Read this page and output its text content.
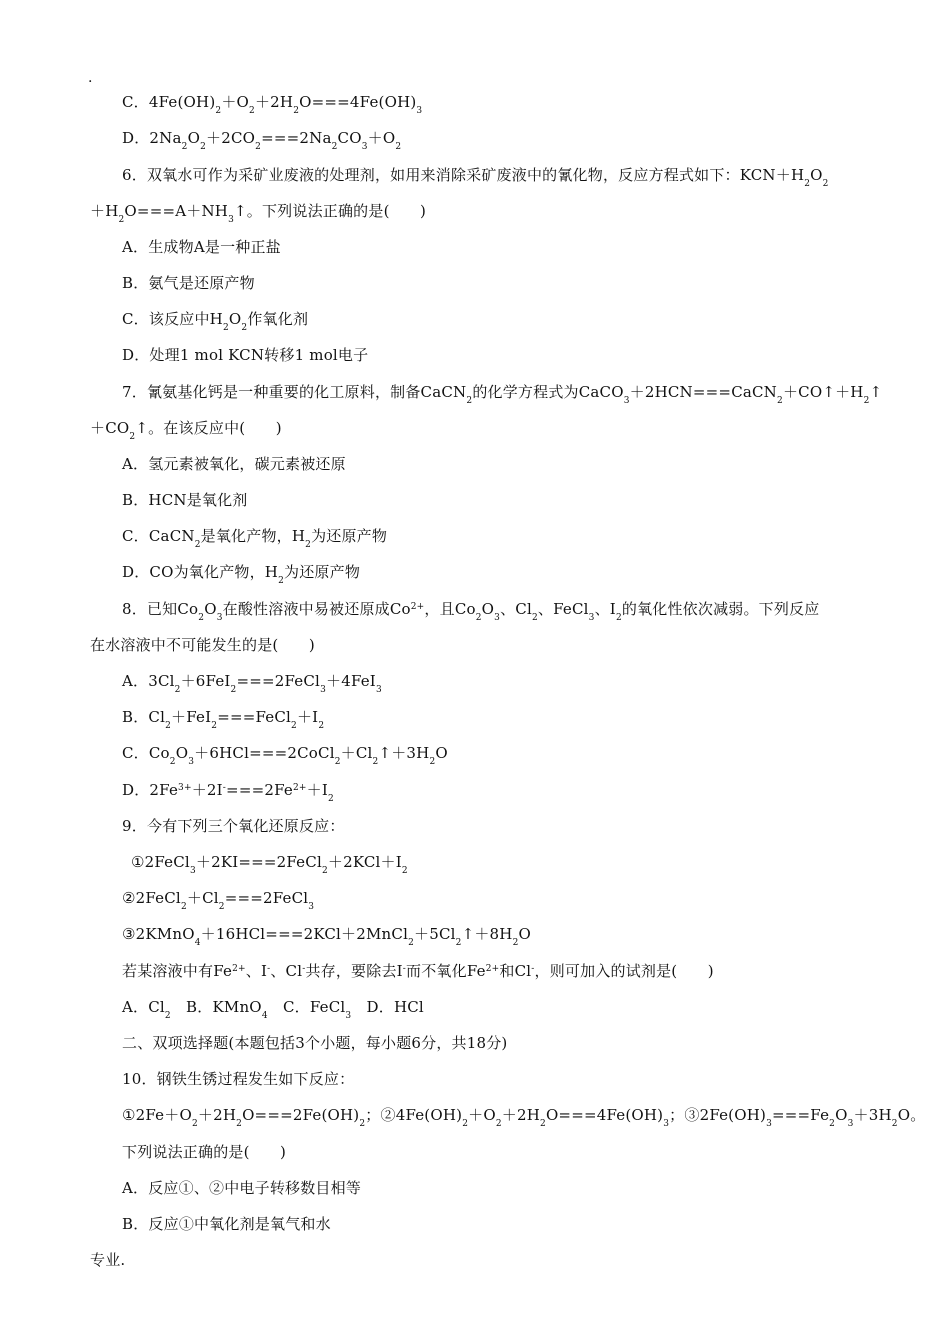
.
C．$4Fe(OH)_2+O_2+2H_2O===4Fe(OH)_3$
D．$2Na_2O_2+2CO_2===2Na_2CO_3+O_2$
6．双氧水可作为采矿业废液的处理剂，如用来消除采矿废液中的氰化物，反应方程式如下：$KCN+H_2O_2$
$+H_2O===A+NH_3↑$。下列说法正确的是(　　)
A．生成物A是一种正盐
B．氨气是还原产物
C．该反应中$H_2O_2$作氧化剂
D．处理1 mol KCN转移1 mol电子
7．氰氨基化钙是一种重要的化工原料，制备CaCN$_2$的化学方程式为$CaCO_3+2HCN===CaCN_2+CO↑+H_2↑$
$+CO_2↑$。在该反应中(　　)
A．氢元素被氧化，碳元素被还原
B．HCN是氧化剂
C．CaCN$_2$是氧化产物，$H_2$为还原产物
D．CO为氧化产物，$H_2$为还原产物
8．已知$Co_2O_3$在酸性溶液中易被还原成$Co^{2+}$，且$Co_2O_3$、$Cl_2$、FeCl$_3$、$I_2$的氧化性依次减弱。下列反应
在水溶液中不可能发生的是(　　)
A．$3Cl_2+6FeI_2===2FeCl_3+4FeI_3$
B．$Cl_2+FeI_2===FeCl_2+I_2$
C．$Co_2O_3+6HCl===2CoCl_2+Cl_2↑+3H_2O$
D．$2Fe^{3+}+2I^-===2Fe^{2+}+I_2$
9．今有下列三个氧化还原反应：
$①2FeCl_3+2KI===2FeCl_2+2KCl+I_2$
$②2FeCl_2+Cl_2===2FeCl_3$
$③2KMnO_4+16HCl===2KCl+2MnCl_2+5Cl_2↑+8H_2O$
若某溶液中有$Fe^{2+}$、I-、Cl-共存，要除去I-而不氧化$Fe^{2+}$和Cl-，则可加入的试剂是(　　)
A．$Cl_2$　B．KMnO$_4$　C．FeCl$_3$　D．HCl
二、双项选择题(本题包括3个小题，每小题6分，共18分)
10．钢铁生锈过程发生如下反应：
$①2Fe+O_2+2H_2O===2Fe(OH)_2$；$②4Fe(OH)_2+O_2+2H_2O===4Fe(OH)_3$；$③2Fe(OH)_3===Fe_2O_3+3H_2O$。
下列说法正确的是(　　)
A．反应①、②中电子转移数目相等
B．反应①中氧化剂是氧气和水
专业.
